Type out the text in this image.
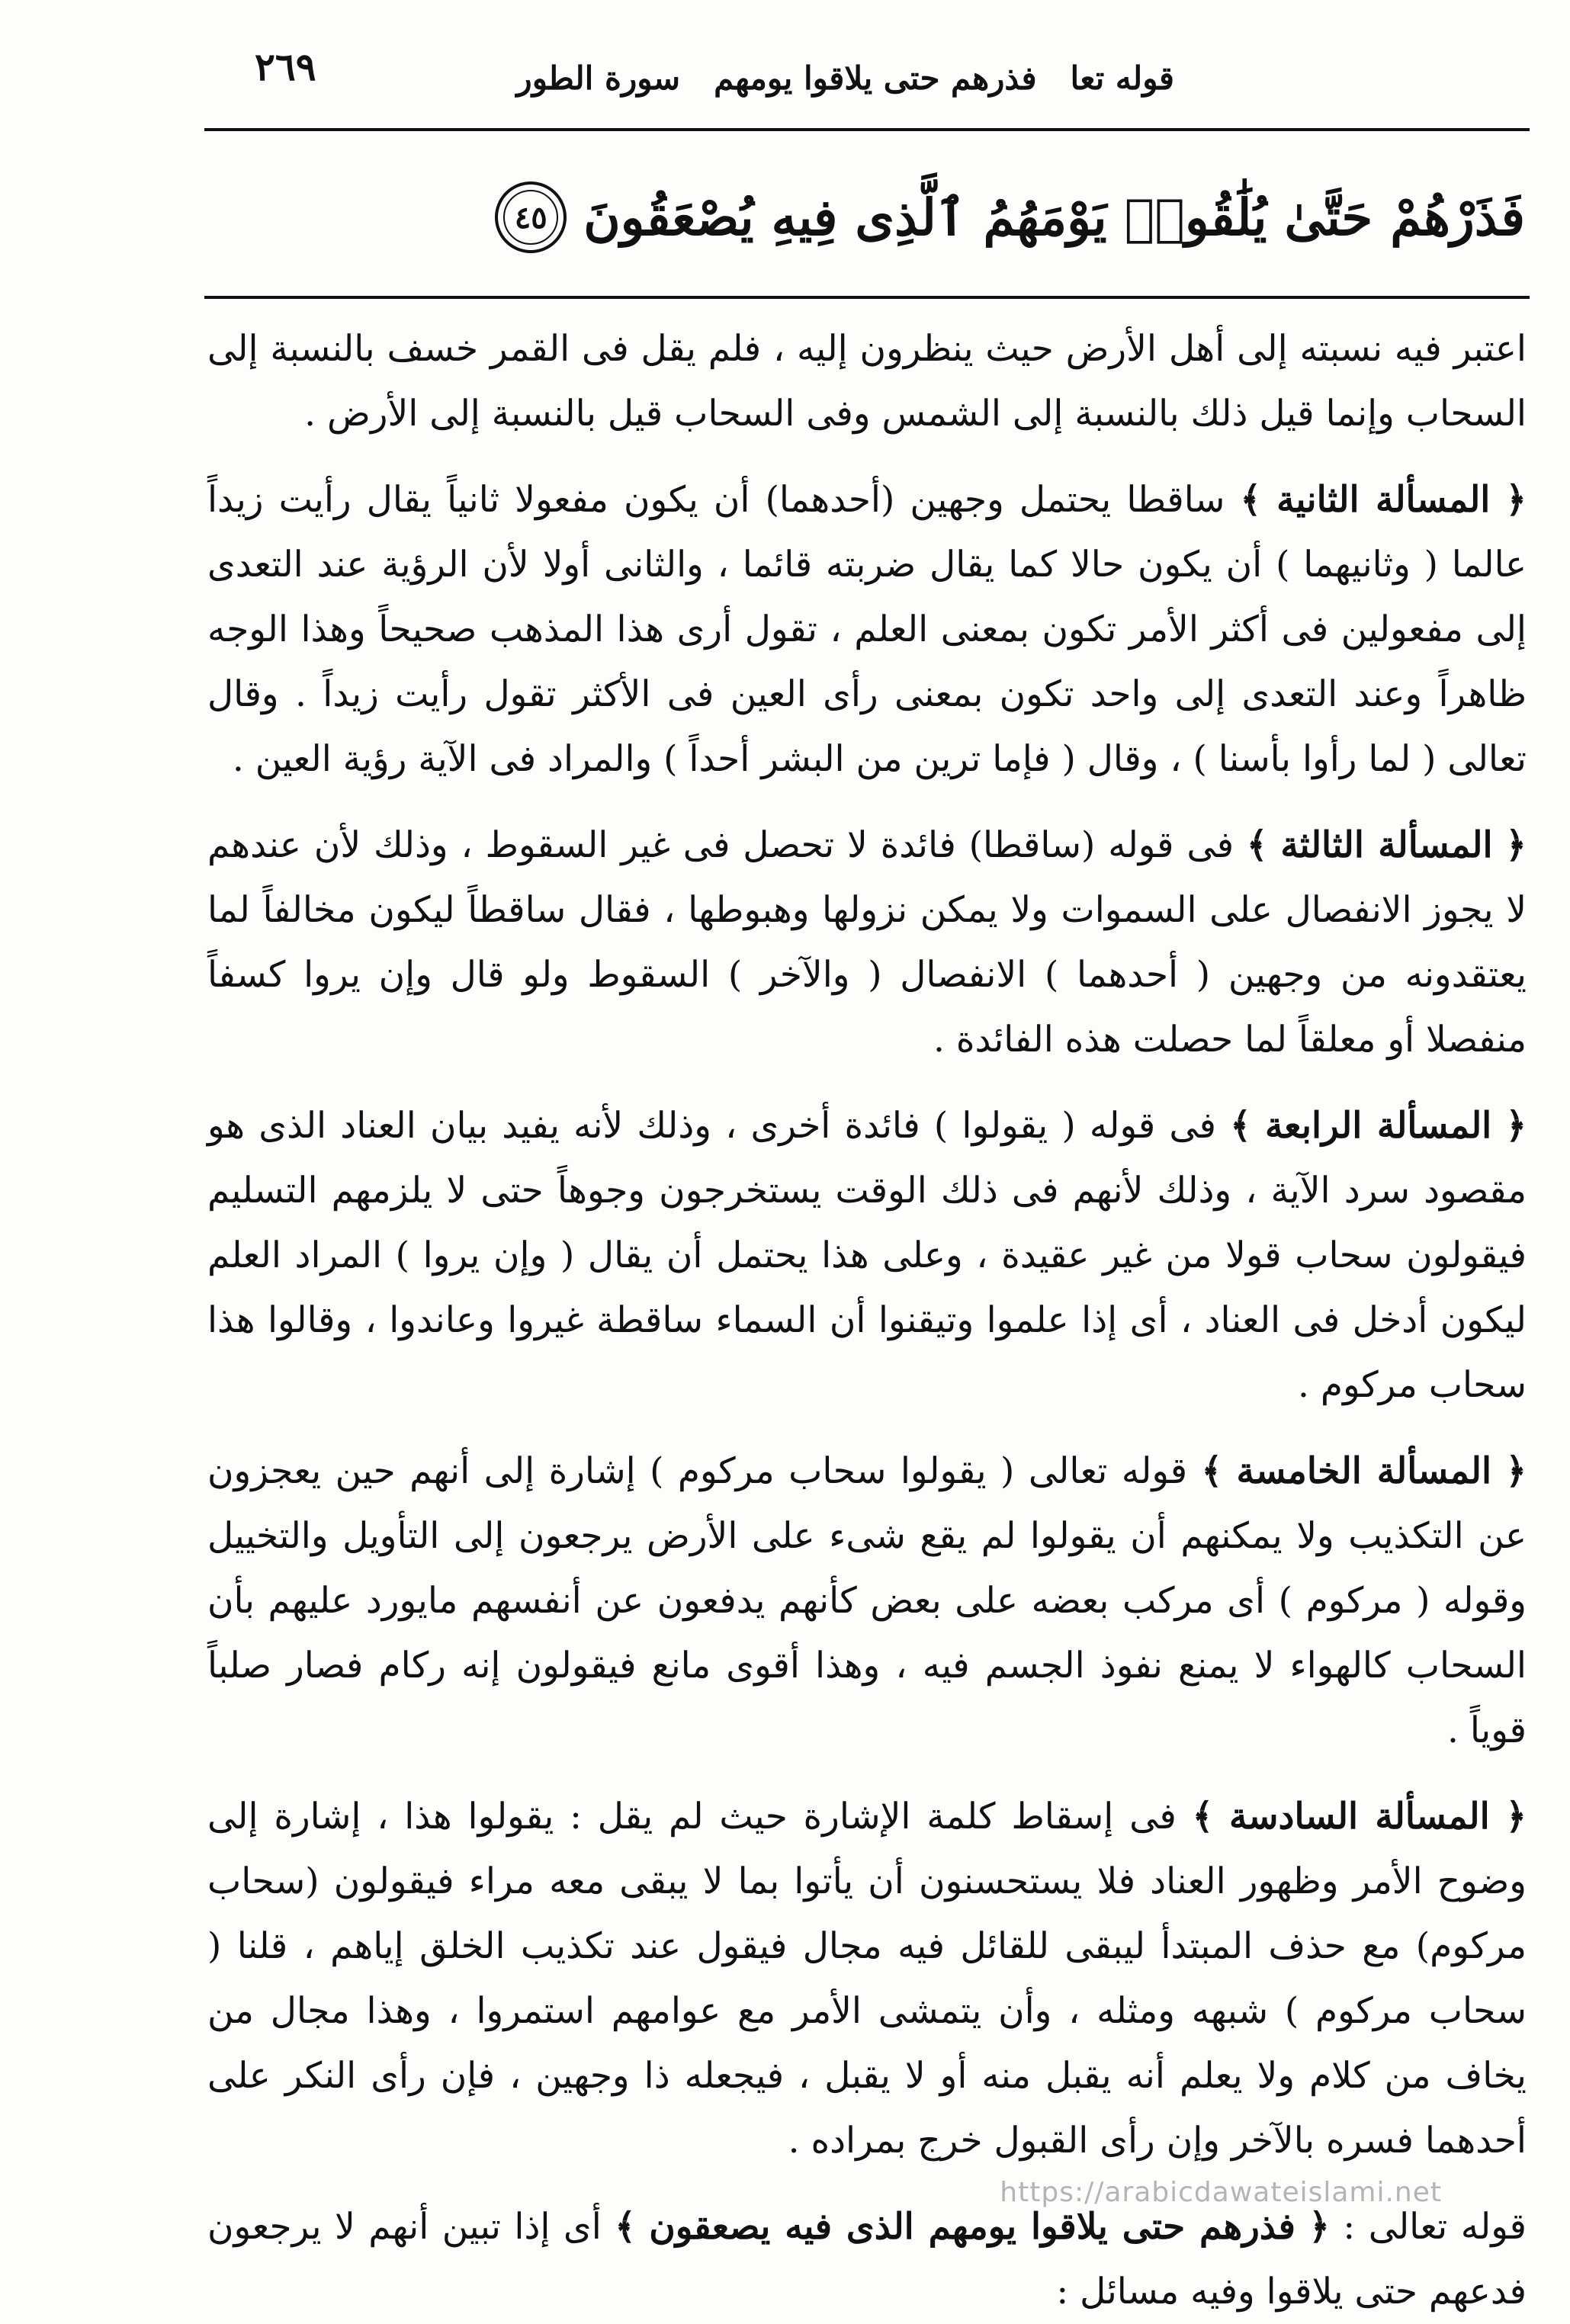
قوله تعا
فذرهم حتى يلاقوا يومهم
سورة الطور
٢٦٩
فَذَرْهُمْ حَتَّىٰ يُلَٰقُوا۟ يَوْمَهُمُ ٱلَّذِى فِيهِ يُصْعَقُونَ
٤٥

اعتبر فيه نسبته إلى أهل الأرض حيث ينظرون إليه ، فلم يقل فى القمر خسف بالنسبة إلى السحاب وإنما قيل ذلك بالنسبة إلى الشمس وفى السحاب قيل بالنسبة إلى الأرض .

﴿ المسألة الثانية ﴾ ساقطا يحتمل وجهين (أحدهما) أن يكون مفعولا ثانياً يقال رأيت زيداً عالما ( وثانيهما ) أن يكون حالا كما يقال ضربته قائما ، والثانى أولا لأن الرؤية عند التعدى إلى مفعولين فى أكثر الأمر تكون بمعنى العلم ، تقول أرى هذا المذهب صحيحاً وهذا الوجه ظاهراً وعند التعدى إلى واحد تكون بمعنى رأى العين فى الأكثر تقول رأيت زيداً . وقال تعالى ( لما رأوا بأسنا ) ، وقال ( فإما ترين من البشر أحداً ) والمراد فى الآية رؤية العين .

﴿ المسألة الثالثة ﴾ فى قوله (ساقطا) فائدة لا تحصل فى غير السقوط ، وذلك لأن عندهم لا يجوز الانفصال على السموات ولا يمكن نزولها وهبوطها ، فقال ساقطاً ليكون مخالفاً لما يعتقدونه من وجهين ( أحدهما ) الانفصال ( والآخر ) السقوط ولو قال وإن يروا كسفاً منفصلا أو معلقاً لما حصلت هذه الفائدة .

﴿ المسألة الرابعة ﴾ فى قوله ( يقولوا ) فائدة أخرى ، وذلك لأنه يفيد بيان العناد الذى هو مقصود سرد الآية ، وذلك لأنهم فى ذلك الوقت يستخرجون وجوهاً حتى لا يلزمهم التسليم فيقولون سحاب قولا من غير عقيدة ، وعلى هذا يحتمل أن يقال ( وإن يروا ) المراد العلم ليكون أدخل فى العناد ، أى إذا علموا وتيقنوا أن السماء ساقطة غيروا وعاندوا ، وقالوا هذا سحاب مركوم .

﴿ المسألة الخامسة ﴾ قوله تعالى ( يقولوا سحاب مركوم ) إشارة إلى أنهم حين يعجزون عن التكذيب ولا يمكنهم أن يقولوا لم يقع شىء على الأرض يرجعون إلى التأويل والتخييل وقوله ( مركوم ) أى مركب بعضه على بعض كأنهم يدفعون عن أنفسهم مايورد عليهم بأن السحاب كالهواء لا يمنع نفوذ الجسم فيه ، وهذا أقوى مانع فيقولون إنه ركام فصار صلباً قوياً .

﴿ المسألة السادسة ﴾ فى إسقاط كلمة الإشارة حيث لم يقل : يقولوا هذا ، إشارة إلى وضوح الأمر وظهور العناد فلا يستحسنون أن يأتوا بما لا يبقى معه مراء فيقولون (سحاب مركوم) مع حذف المبتدأ ليبقى للقائل فيه مجال فيقول عند تكذيب الخلق إياهم ، قلنا ( سحاب مركوم ) شبهه ومثله ، وأن يتمشى الأمر مع عوامهم استمروا ، وهذا مجال من يخاف من كلام ولا يعلم أنه يقبل منه أو لا يقبل ، فيجعله ذا وجهين ، فإن رأى النكر على أحدهما فسره بالآخر وإن رأى القبول خرج بمراده .

قوله تعالى : ﴿ فذرهم حتى يلاقوا يومهم الذى فيه يصعقون ﴾ أى إذا تبين أنهم لا يرجعون فدعهم حتى يلاقوا وفيه مسائل :

https://arabicdawateislami.net
